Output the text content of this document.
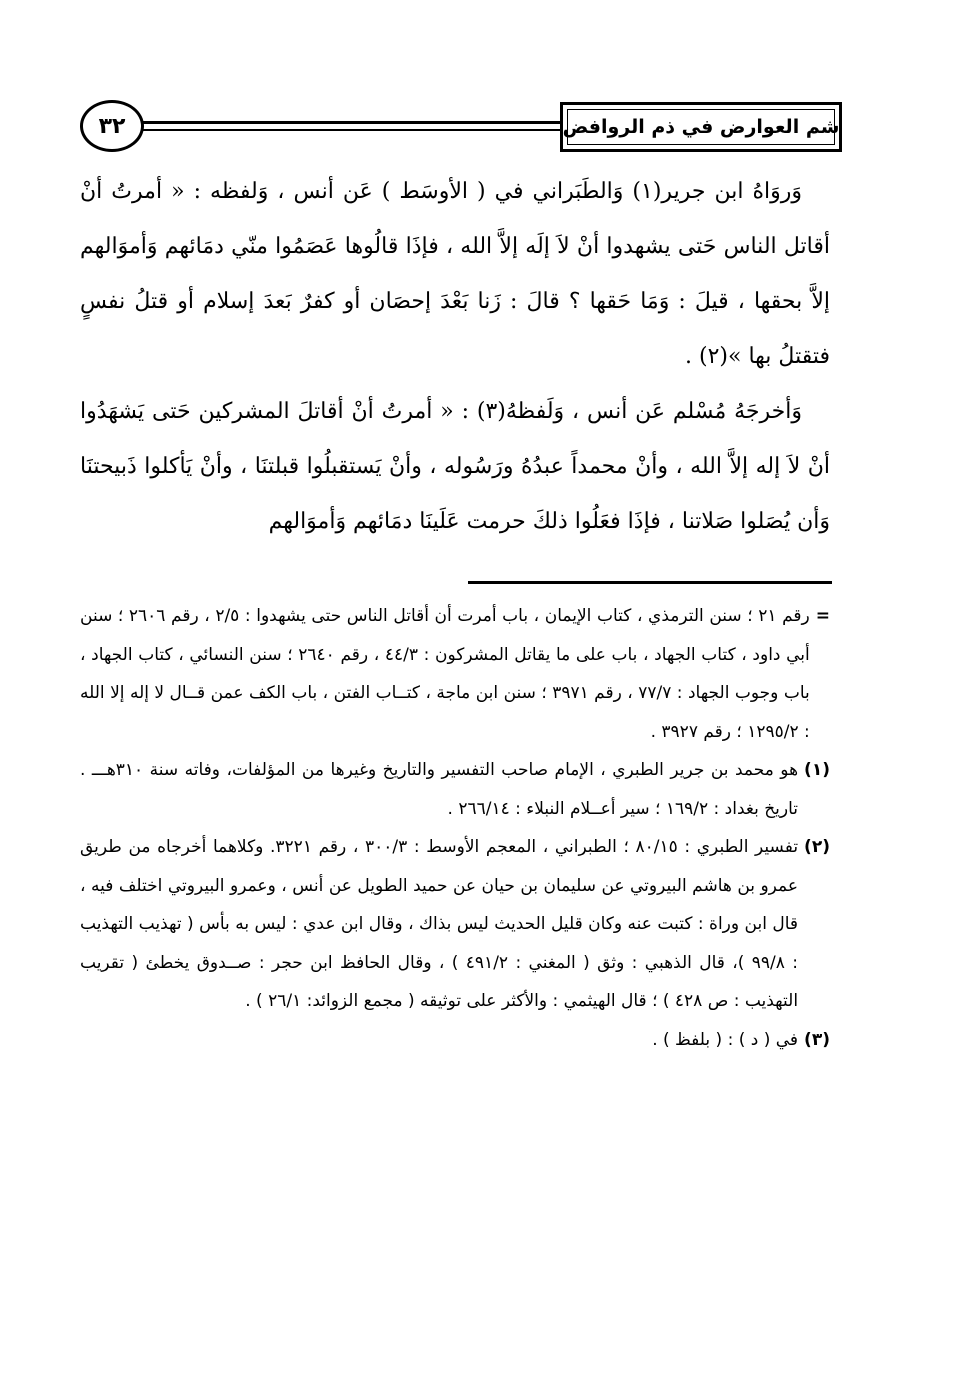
شم العوارض في ذم الروافض
٣٢

وَروَاهُ ابن جرير(١) وَالطَبَراني في ( الأوسَط ) عَن أنس ، وَلفظه : « أمرتُ أنْ أقاتل الناس حَتى يشهدوا أنْ لاَ إلَه إلاَّ الله ، فإذَا قالُوها عَصَمُوا منّي دمَائهم وَأموَالهم إلاَّ بحقها ، قيلَ : وَمَا حَقها ؟ قالَ : زَنا بَعْدَ إحصَان أو كفرٌ بَعدَ إسلام أو قتلُ نفسٍ فتقتلُ بها »(٢) .

وَأخرجَهُ مُسْلم عَن أنس ، وَلَفظهُ(٣) : « أمرتُ أنْ أقاتلَ المشركين حَتى يَشهَدُوا أنْ لاَ إله إلاَّ الله ، وأنْ محمداً عبدُهُ ورَسُوله ، وأنْ يَستقبلُوا قبلتنَا ، وأنْ يَأكلوا ذَبيحتنَا وَأن يُصَلوا صَلاتنا ، فإذَا فعَلُوا ذلكَ حرمت عَلَينَا دمَائهم وَأموَالهم

=
رقم ٢١ ؛ سنن الترمذي ، كتاب الإيمان ، باب أمرت أن أقاتل الناس حتى يشهدوا : ٢/٥ ، رقم ٢٦٠٦ ؛ سنن أبي داود ، كتاب الجهاد ، باب على ما يقاتل المشركون : ٤٤/٣ ، رقم ٢٦٤٠ ؛ سنن النسائي ، كتاب الجهاد ، باب وجوب الجهاد : ٧٧/٧ ، رقم ٣٩٧١ ؛ سنن ابن ماجة ، كتــاب الفتن ، باب الكف عمن قــال لا إله إلا الله : ١٢٩٥/٢ ؛ رقم ٣٩٢٧ .
(١)
هو محمد بن جرير الطبري ، الإمام صاحب التفسير والتاريخ وغيرها من المؤلفات، وفاته سنة ٣١٠هـــ . تاريخ بغداد : ١٦٩/٢ ؛ سير أعــلام النبلاء : ٢٦٦/١٤ .
(٢)
تفسير الطبري : ٨٠/١٥ ؛ الطبراني ، المعجم الأوسط : ٣٠٠/٣ ، رقم ٣٢٢١. وكلاهما أخرجاه من طريق عمرو بن هاشم البيروتي عن سليمان بن حيان عن حميد الطويل عن أنس ، وعمرو البيروتي اختلف فيه ، قال ابن وراة : كتبت عنه وكان قليل الحديث ليس بذاك ، وقال ابن عدي : ليس به بأس ( تهذيب التهذيب : ٩٩/٨ )، قال الذهبي : وثق ( المغني : ٤٩١/٢ ) ، وقال الحافظ ابن حجر : صــدوق يخطئ ( تقريب التهذيب : ص ٤٢٨ ) ؛ قال الهيثمي : والأكثر على توثيقه ( مجمع الزوائد: ٢٦/١ ) .
(٣)
في ( د ) : ( بلفظ ) .
